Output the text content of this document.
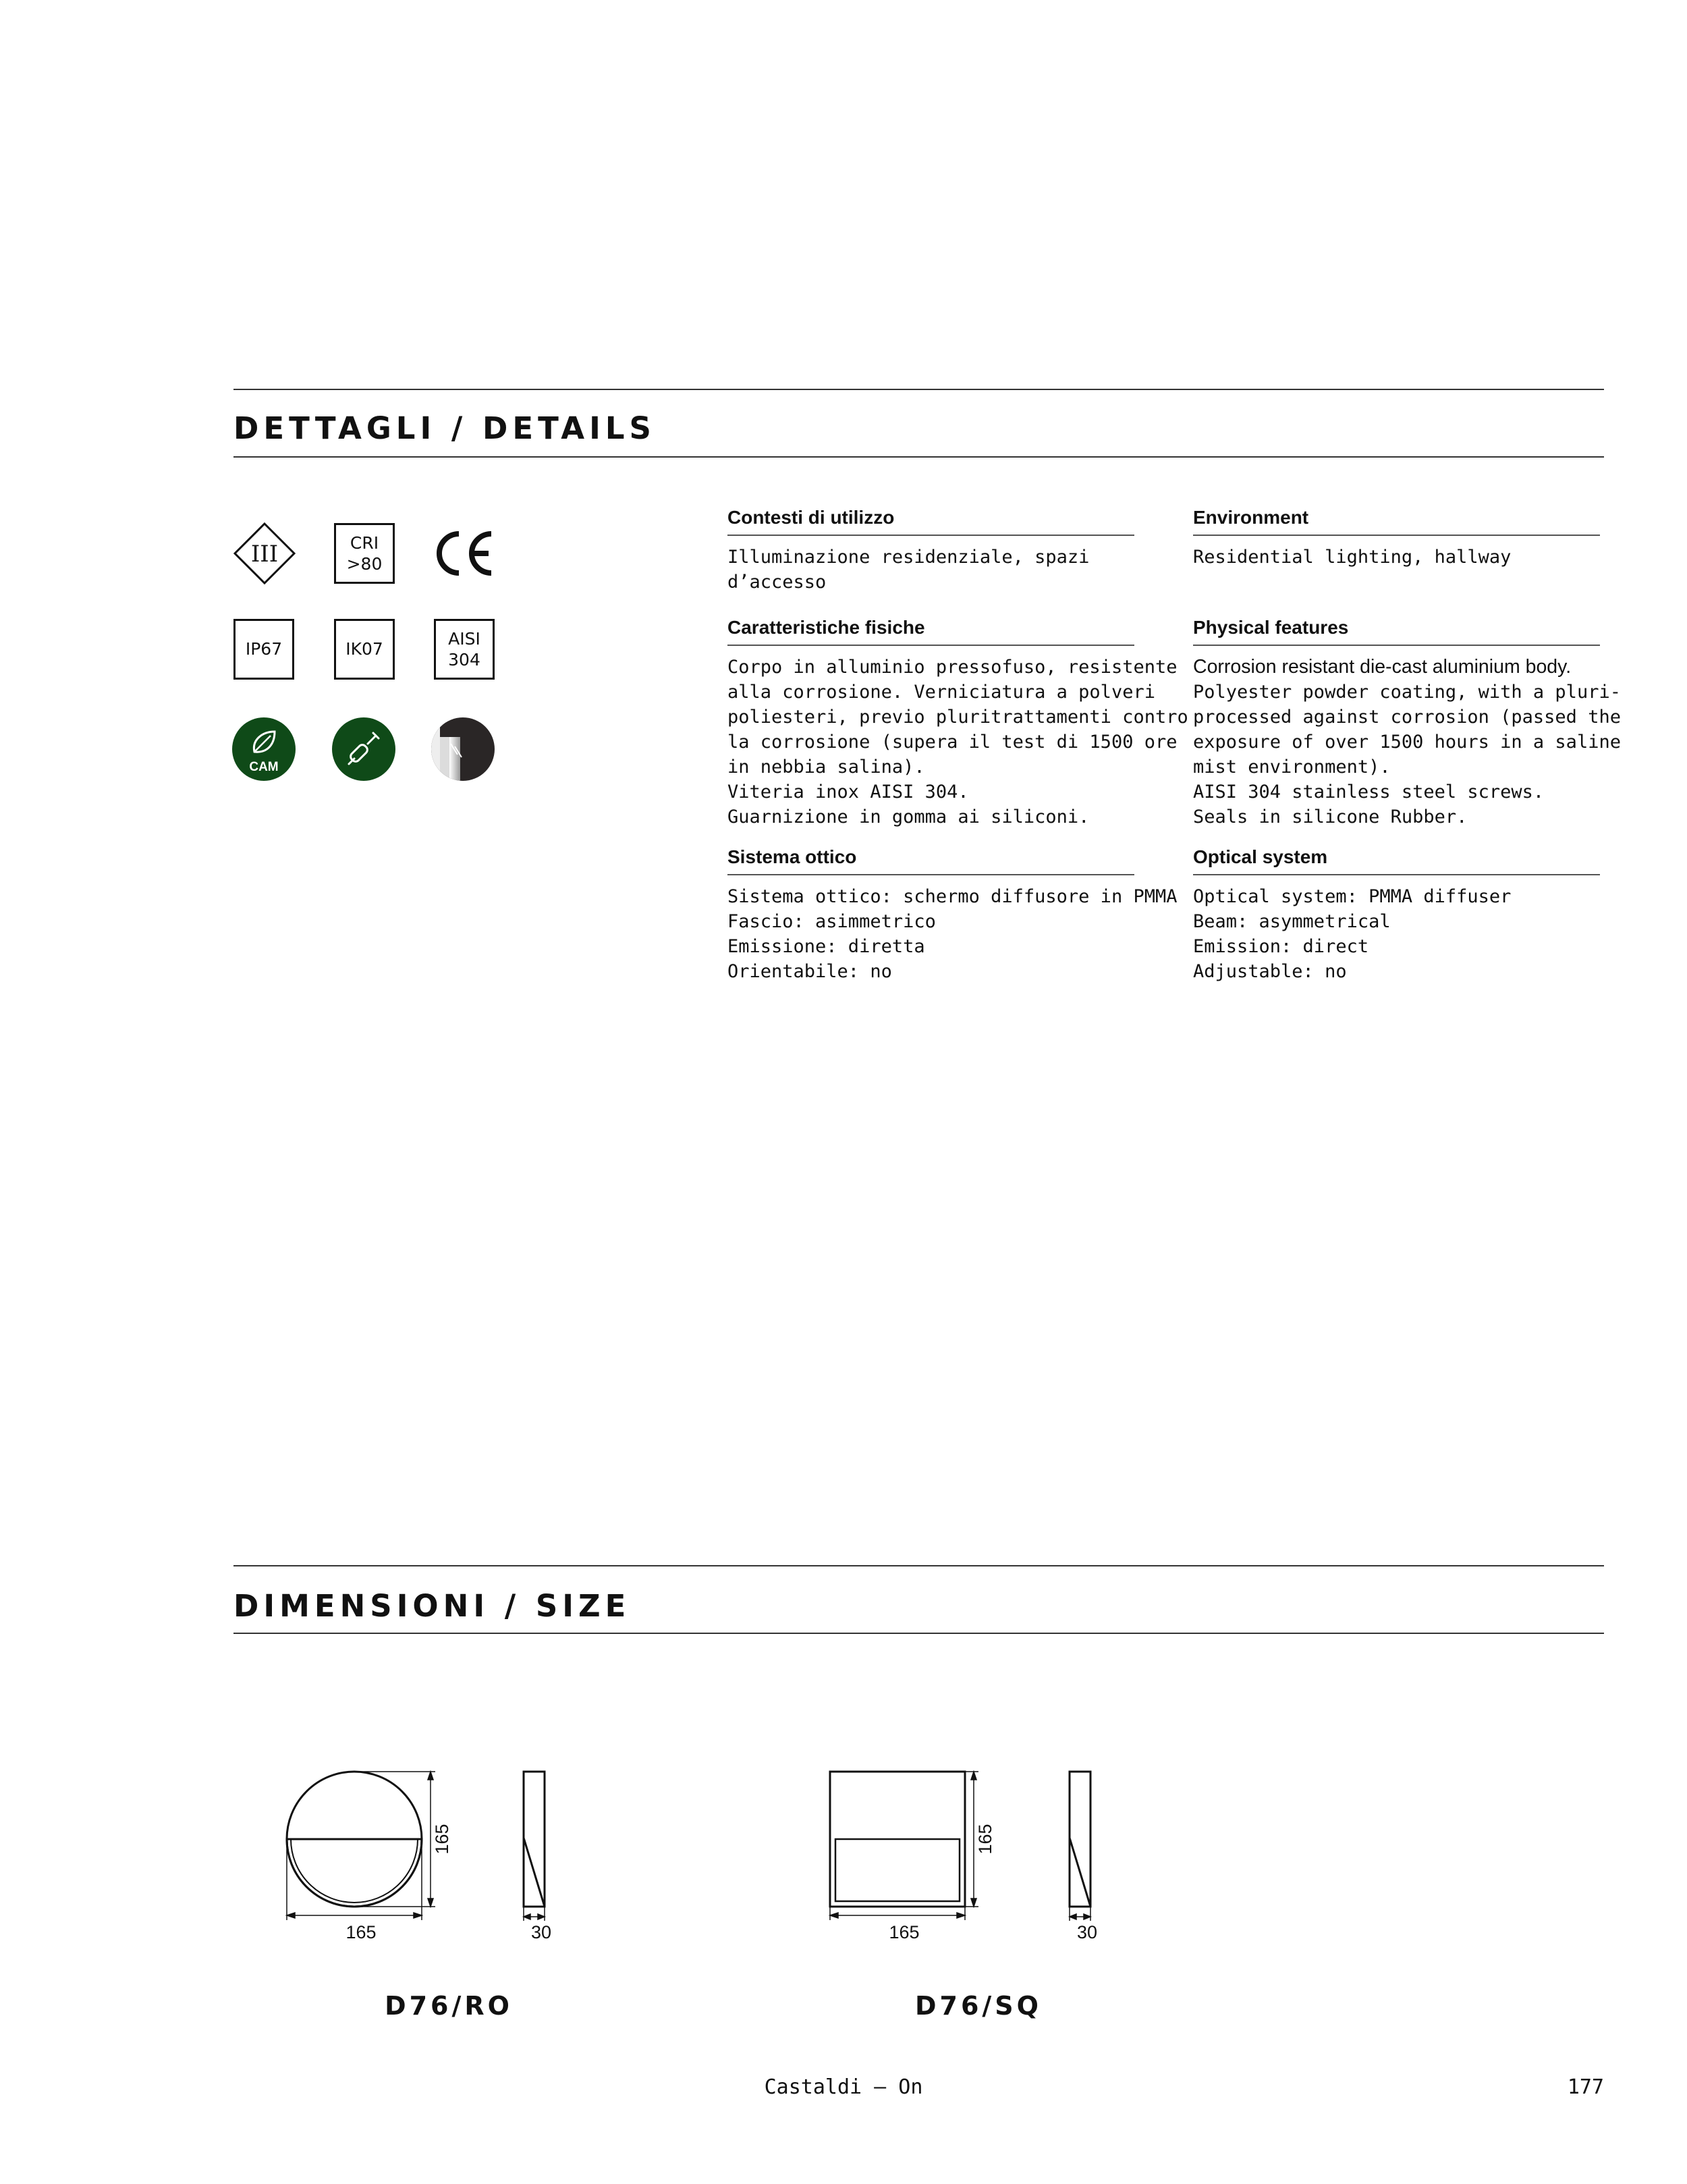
DETTAGLI / DETAILS
III	CRI
>80
IP67	IK07
AISI
304
CAM
Contesti di utilizzo
Illuminazione residenziale, spazi
d’accesso
Caratteristiche fisiche
Corpo in alluminio pressofuso, resistente
alla corrosione. Verniciatura a polveri
poliesteri, previo pluritrattamenti contro
la corrosione (supera il test di 1500 ore
in nebbia salina).
Viteria inox AISI 304.
Guarnizione in gomma ai siliconi.
Sistema ottico
Sistema ottico: schermo diffusore in PMMA
Fascio: asimmetrico
Emissione: diretta
Orientabile: no
Environment
Residential lighting, hallway
Physical features
Corrosion resistant die-cast aluminium body.
Polyester powder coating, with a pluri-
processed against corrosion (passed the
exposure of over 1500 hours in a saline
mist environment).
AISI 304 stainless steel screws.
Seals in silicone Rubber.
Optical system
Optical system: PMMA diffuser
Beam: asymmetrical
Emission: direct
Adjustable: no
DIMENSIONI / SIZE
165
165	30
D76/RO
165
165	30
D76/SQ
Castaldi — On	177
